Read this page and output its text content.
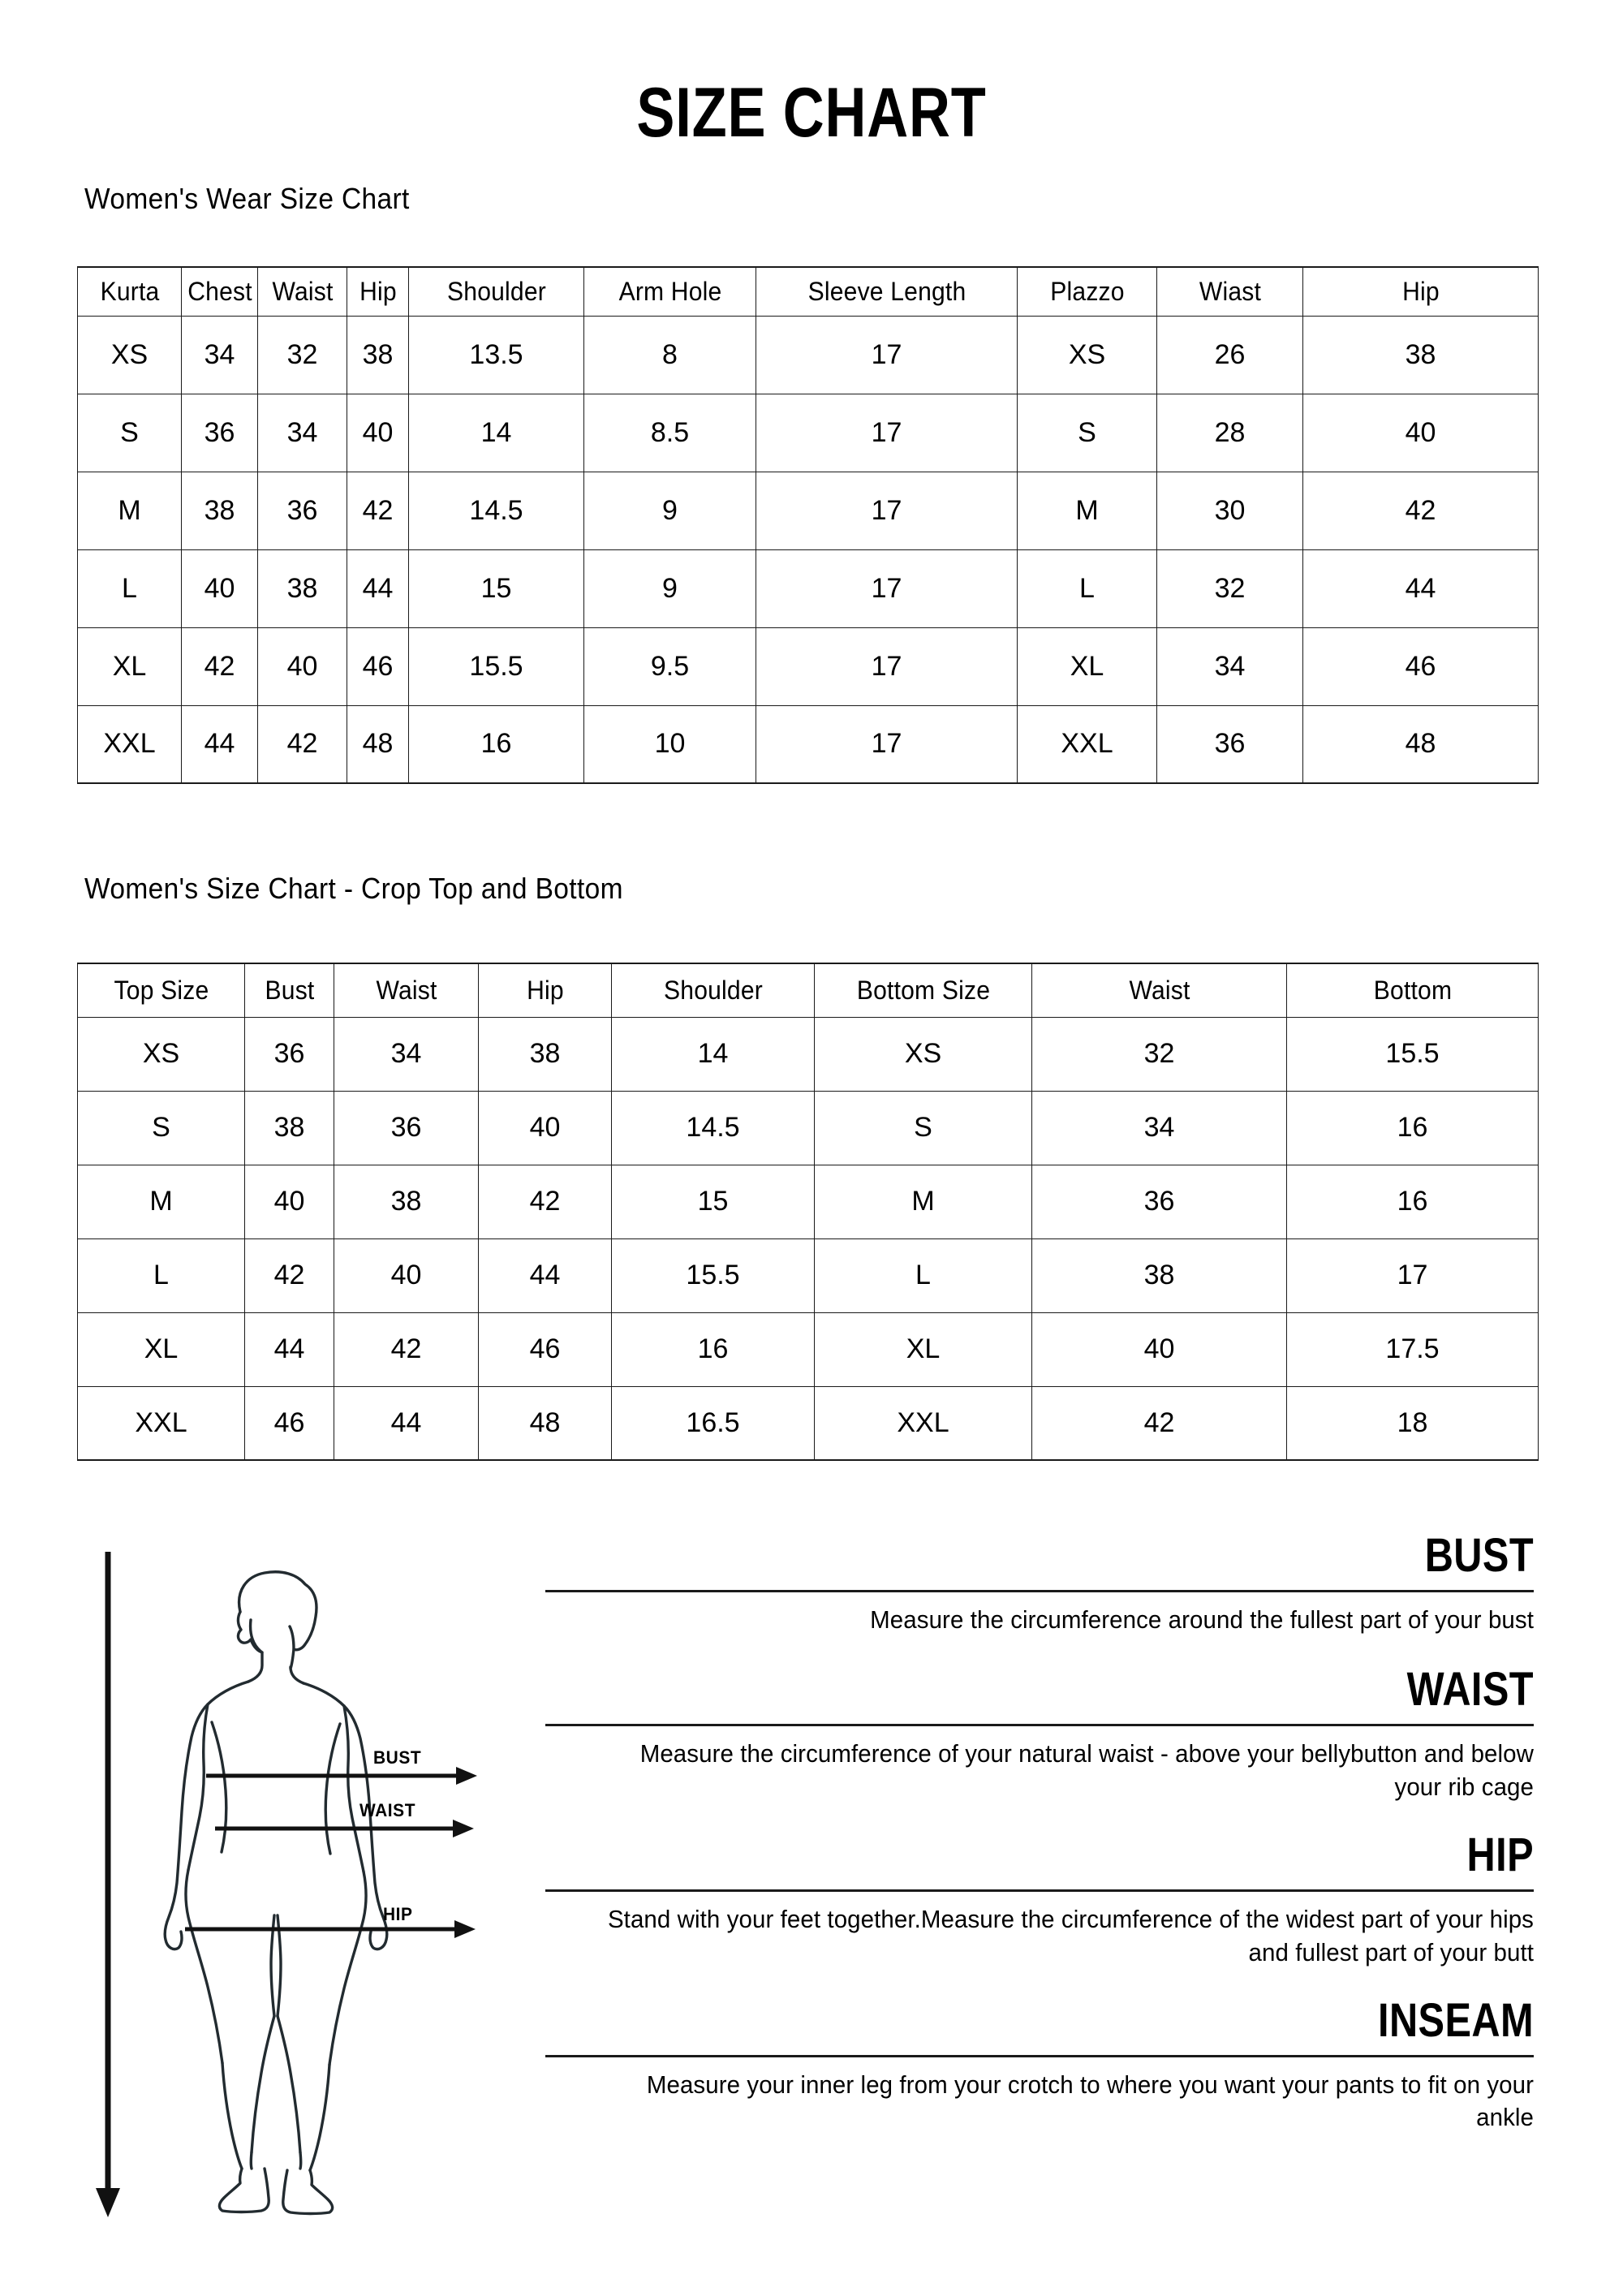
SIZE CHART
Women's Wear Size Chart
Kurta	Chest	Waist	Hip	Shoulder	Arm Hole	Sleeve Length	Plazzo	Wiast	Hip
XS	34	32	38	13.5	8	17	XS	26	38
S	36	34	40	14	8.5	17	S	28	40
M	38	36	42	14.5	9	17	M	30	42
L	40	38	44	15	9	17	L	32	44
XL	42	40	46	15.5	9.5	17	XL	34	46
XXL	44	42	48	16	10	17	XXL	36	48
Women's Size Chart - Crop Top and Bottom
Top Size	Bust	Waist	Hip	Shoulder	Bottom Size	Waist	Bottom
XS	36	34	38	14	XS	32	15.5
S	38	36	40	14.5	S	34	16
M	40	38	42	15	M	36	16
L	42	40	44	15.5	L	38	17
XL	44	42	46	16	XL	40	17.5
XXL	46	44	48	16.5	XXL	42	18
BUST
WAIST
HIP
BUST
Measure the circumference around the fullest part of your bust
WAIST
Measure the circumference of your natural waist - above your bellybutton and below your rib cage
HIP
Stand with your feet together.Measure the circumference of the widest part of your hips and fullest part of your butt
INSEAM
Measure your inner leg from your crotch to where you want your pants to fit on your ankle
